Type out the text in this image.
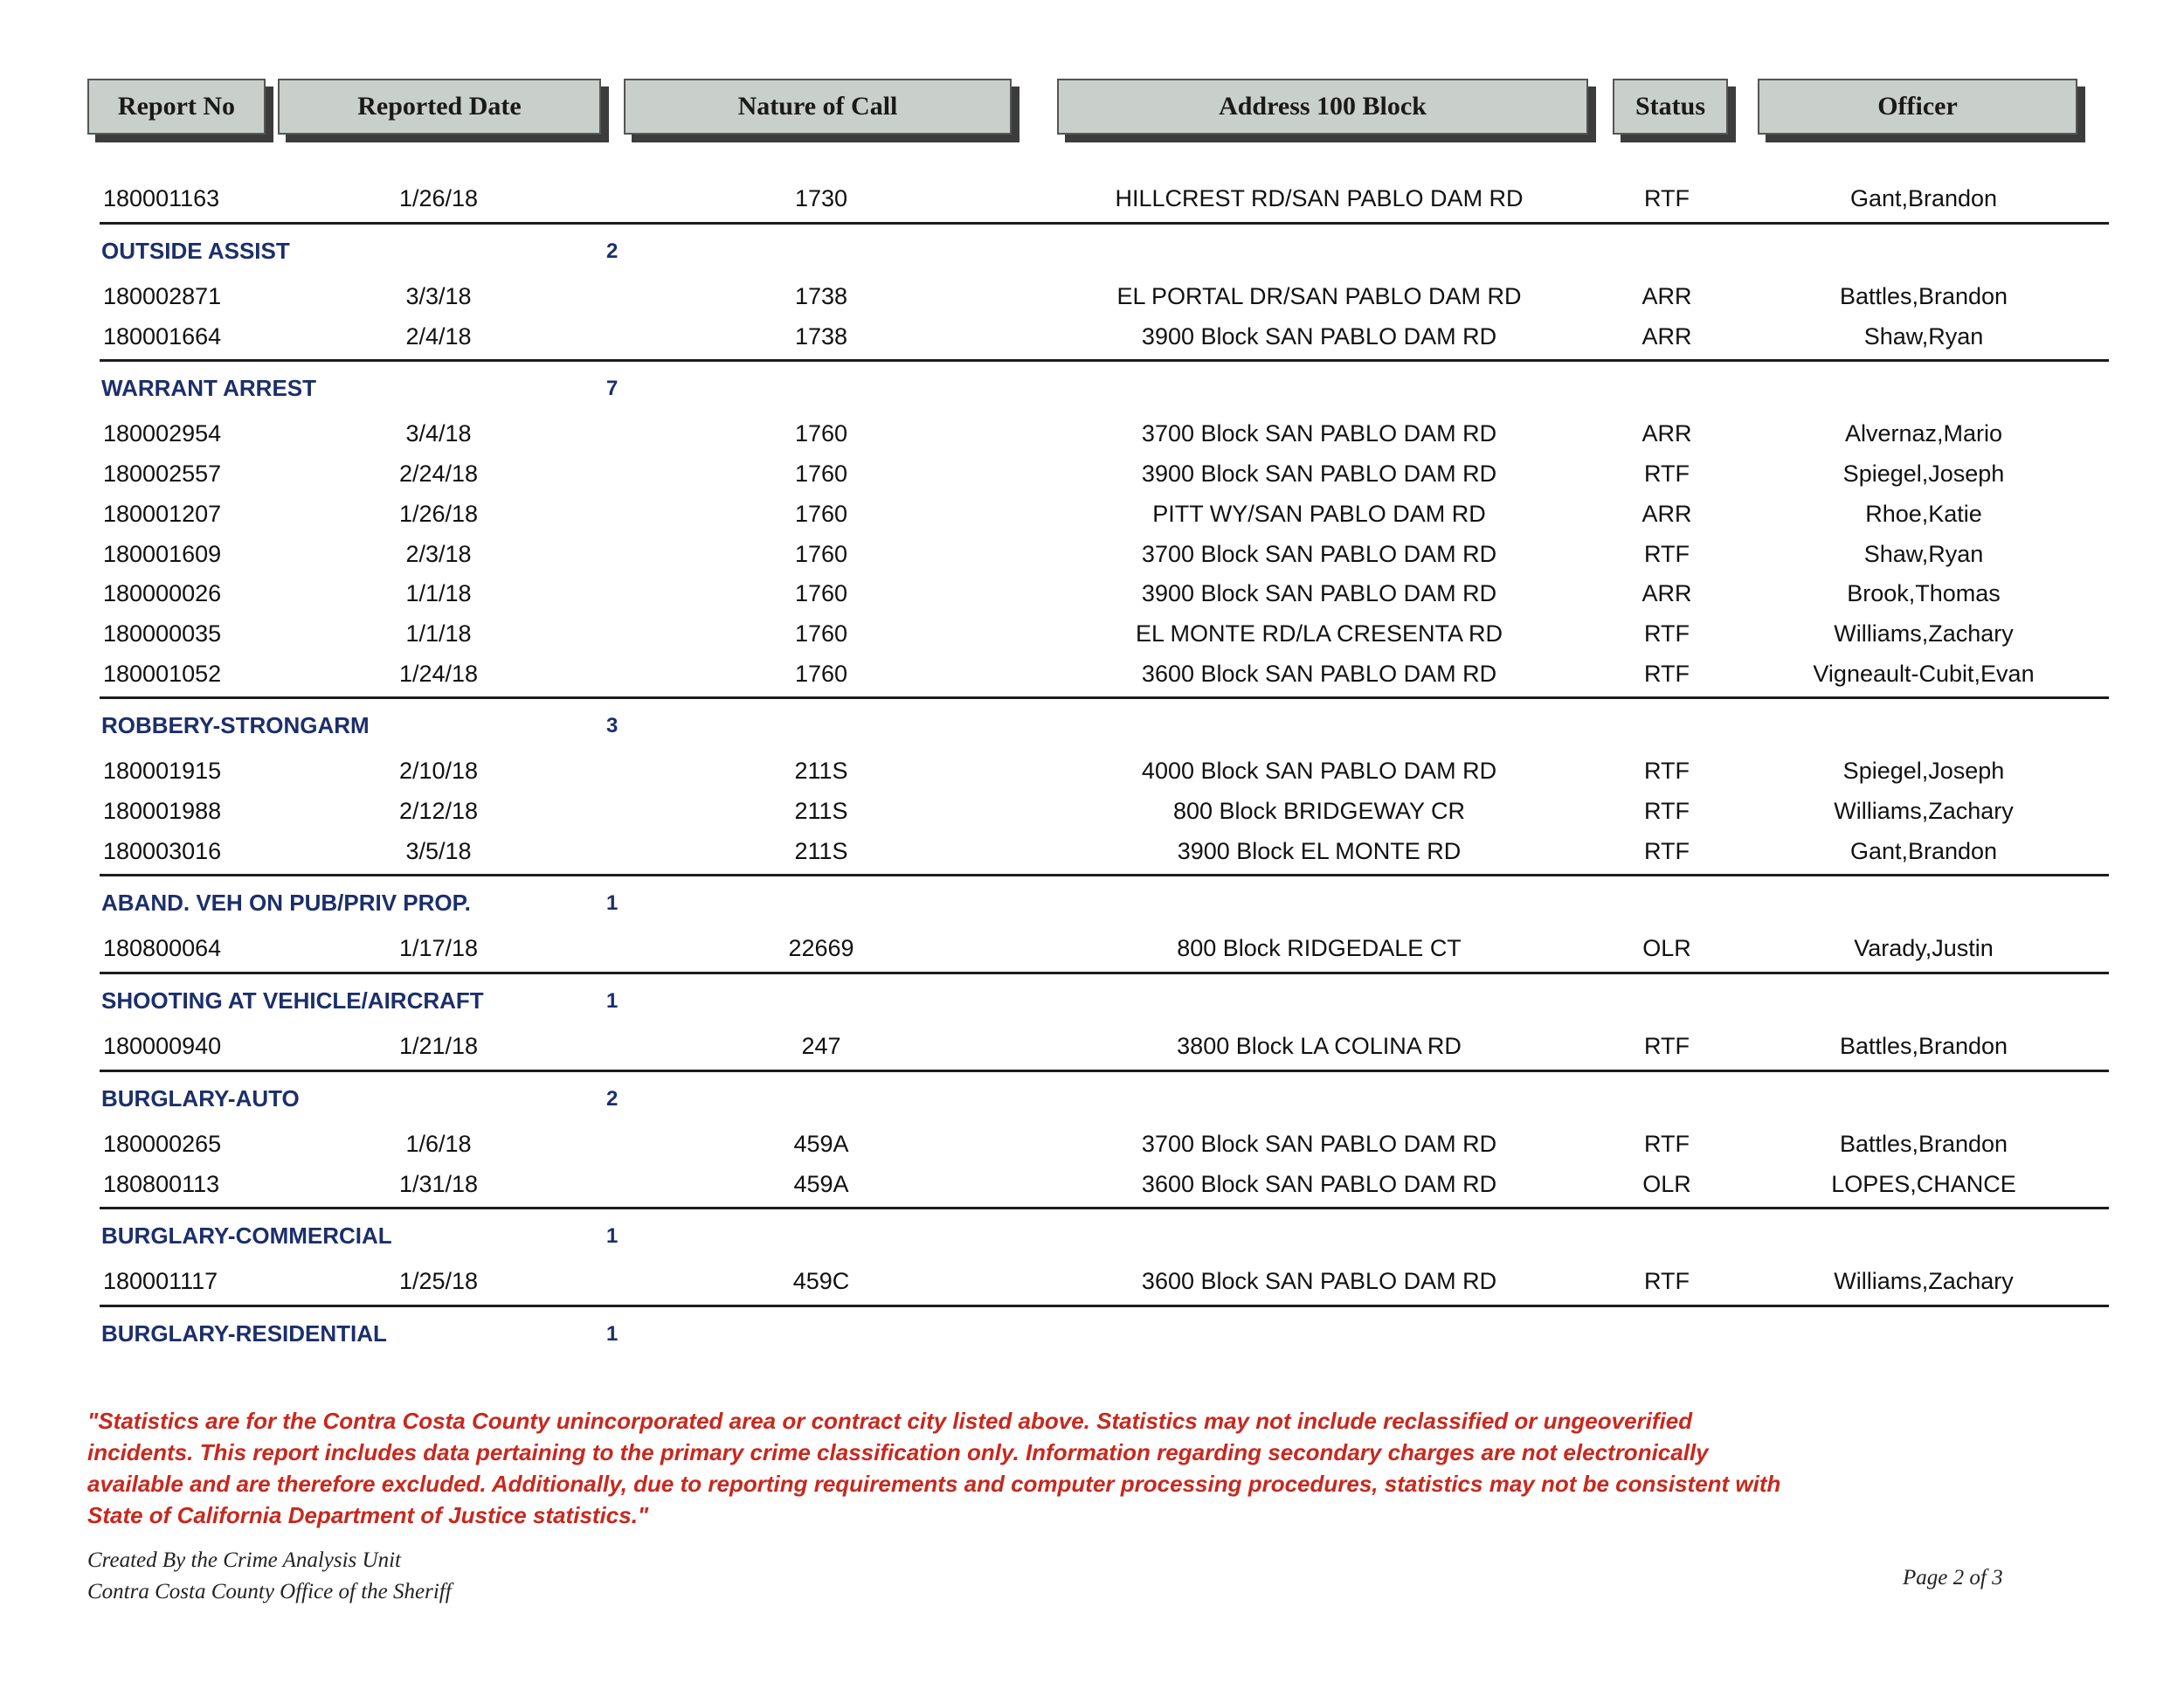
Report No	Reported Date	Nature of Call	Address 100 Block	Status	Officer
180001163	1/26/18	1730	HILLCREST RD/SAN PABLO DAM RD	RTF	Gant,Brandon
OUTSIDE ASSIST	2
180002871	3/3/18	1738	EL PORTAL DR/SAN PABLO DAM RD	ARR	Battles,Brandon
180001664	2/4/18	1738	3900 Block SAN PABLO DAM RD	ARR	Shaw,Ryan
WARRANT ARREST	7
180002954	3/4/18	1760	3700 Block SAN PABLO DAM RD	ARR	Alvernaz,Mario
180002557	2/24/18	1760	3900 Block SAN PABLO DAM RD	RTF	Spiegel,Joseph
180001207	1/26/18	1760	PITT WY/SAN PABLO DAM RD	ARR	Rhoe,Katie
180001609	2/3/18	1760	3700 Block SAN PABLO DAM RD	RTF	Shaw,Ryan
180000026	1/1/18	1760	3900 Block SAN PABLO DAM RD	ARR	Brook,Thomas
180000035	1/1/18	1760	EL MONTE RD/LA CRESENTA RD	RTF	Williams,Zachary
180001052	1/24/18	1760	3600 Block SAN PABLO DAM RD	RTF	Vigneault-Cubit,Evan
ROBBERY-STRONGARM	3
180001915	2/10/18	211S	4000 Block SAN PABLO DAM RD	RTF	Spiegel,Joseph
180001988	2/12/18	211S	800 Block BRIDGEWAY CR	RTF	Williams,Zachary
180003016	3/5/18	211S	3900 Block EL MONTE RD	RTF	Gant,Brandon
ABAND. VEH ON PUB/PRIV PROP.	1
180800064	1/17/18	22669	800 Block RIDGEDALE CT	OLR	Varady,Justin
SHOOTING AT VEHICLE/AIRCRAFT	1
180000940	1/21/18	247	3800 Block LA COLINA RD	RTF	Battles,Brandon
BURGLARY-AUTO	2
180000265	1/6/18	459A	3700 Block SAN PABLO DAM RD	RTF	Battles,Brandon
180800113	1/31/18	459A	3600 Block SAN PABLO DAM RD	OLR	LOPES,CHANCE
BURGLARY-COMMERCIAL	1
180001117	1/25/18	459C	3600 Block SAN PABLO DAM RD	RTF	Williams,Zachary
BURGLARY-RESIDENTIAL	1
"Statistics are for the Contra Costa County unincorporated area or contract city listed above. Statistics may not include reclassified or ungeoverified incidents. This report includes data pertaining to the primary crime classification only. Information regarding secondary charges are not electronically available and are therefore excluded. Additionally, due to reporting requirements and computer processing procedures, statistics may not be consistent with State of California Department of Justice statistics."
Created By the Crime Analysis Unit
Contra Costa County Office of the Sheriff
Page 2 of 3
